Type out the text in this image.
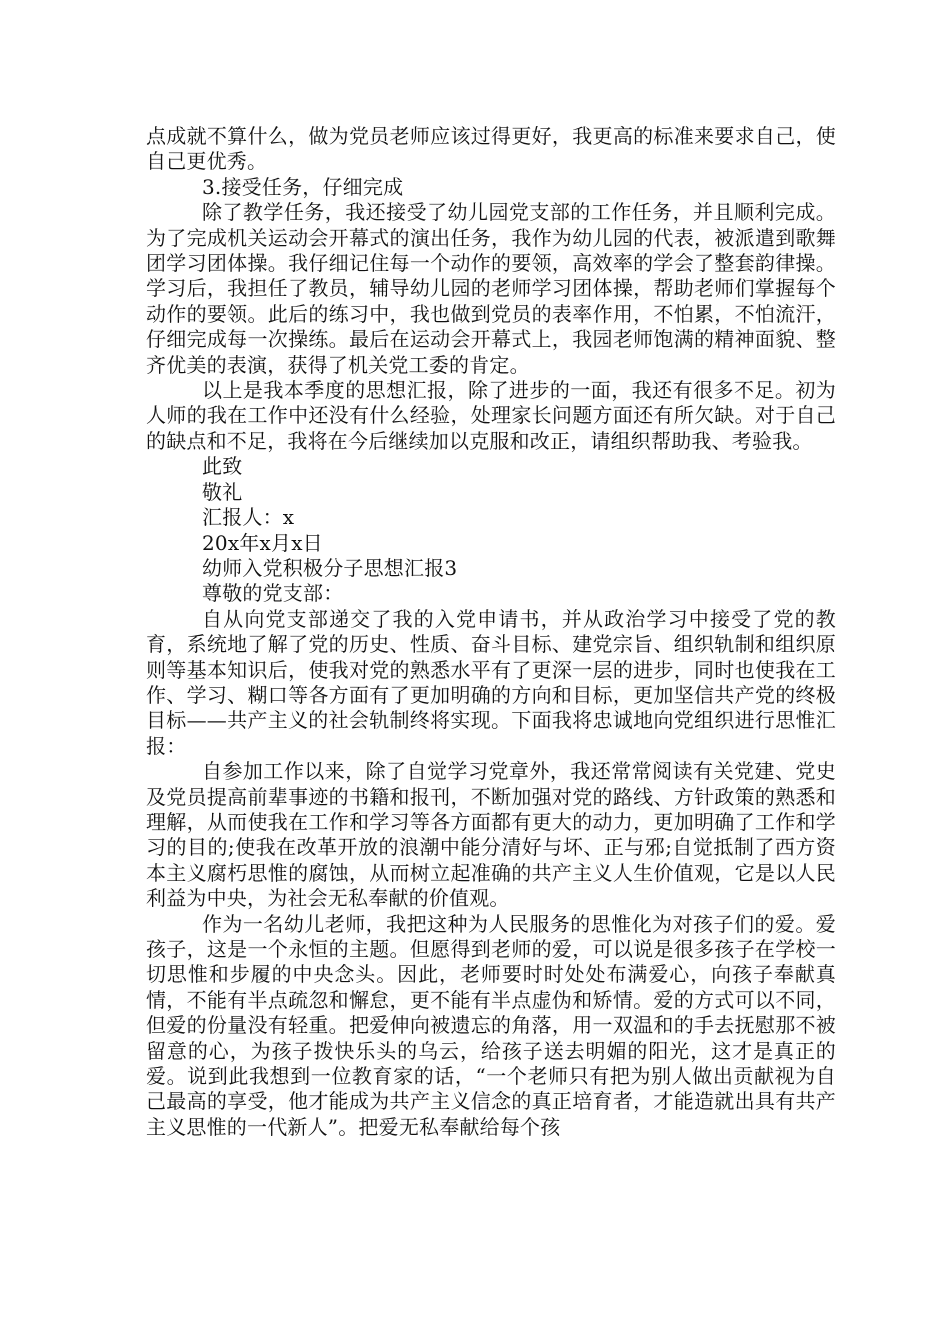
点成就不算什么，做为党员老师应该过得更好，我更高的标准来要求自己，使自己更优秀。

3.接受任务，仔细完成

除了教学任务，我还接受了幼儿园党支部的工作任务，并且顺利完成。为了完成机关运动会开幕式的演出任务，我作为幼儿园的代表，被派遣到歌舞团学习团体操。我仔细记住每一个动作的要领，高效率的学会了整套韵律操。学习后，我担任了教员，辅导幼儿园的老师学习团体操，帮助老师们掌握每个动作的要领。此后的练习中，我也做到党员的表率作用，不怕累，不怕流汗，仔细完成每一次操练。最后在运动会开幕式上，我园老师饱满的精神面貌、整齐优美的表演，获得了机关党工委的肯定。

以上是我本季度的思想汇报，除了进步的一面，我还有很多不足。初为人师的我在工作中还没有什么经验，处理家长问题方面还有所欠缺。对于自己的缺点和不足，我将在今后继续加以克服和改正，请组织帮助我、考验我。

此致

敬礼

汇报人：x

20x年x月x日

幼师入党积极分子思想汇报3

尊敬的党支部：

自从向党支部递交了我的入党申请书，并从政治学习中接受了党的教育，系统地了解了党的历史、性质、奋斗目标、建党宗旨、组织轨制和组织原则等基本知识后，使我对党的熟悉水平有了更深一层的进步，同时也使我在工作、学习、糊口等各方面有了更加明确的方向和目标，更加坚信共产党的终极目标——共产主义的社会轨制终将实现。下面我将忠诚地向党组织进行思惟汇报：

自参加工作以来，除了自觉学习党章外，我还常常阅读有关党建、党史及党员提高前辈事迹的书籍和报刊，不断加强对党的路线、方针政策的熟悉和理解，从而使我在工作和学习等各方面都有更大的动力，更加明确了工作和学习的目的;使我在改革开放的浪潮中能分清好与坏、正与邪;自觉抵制了西方资本主义腐朽思惟的腐蚀，从而树立起准确的共产主义人生价值观，它是以人民利益为中央，为社会无私奉献的价值观。

作为一名幼儿老师，我把这种为人民服务的思惟化为对孩子们的爱。爱孩子，这是一个永恒的主题。但愿得到老师的爱，可以说是很多孩子在学校一切思惟和步履的中央念头。因此，老师要时时处处布满爱心，向孩子奉献真情，不能有半点疏忽和懈怠，更不能有半点虚伪和矫情。爱的方式可以不同，但爱的份量没有轻重。把爱伸向被遗忘的角落，用一双温和的手去抚慰那不被留意的心，为孩子拨快乐头的乌云，给孩子送去明媚的阳光，这才是真正的爱。说到此我想到一位教育家的话，“一个老师只有把为别人做出贡献视为自己最高的享受，他才能成为共产主义信念的真正培育者，才能造就出具有共产主义思惟的一代新人”。把爱无私奉献给每个孩
